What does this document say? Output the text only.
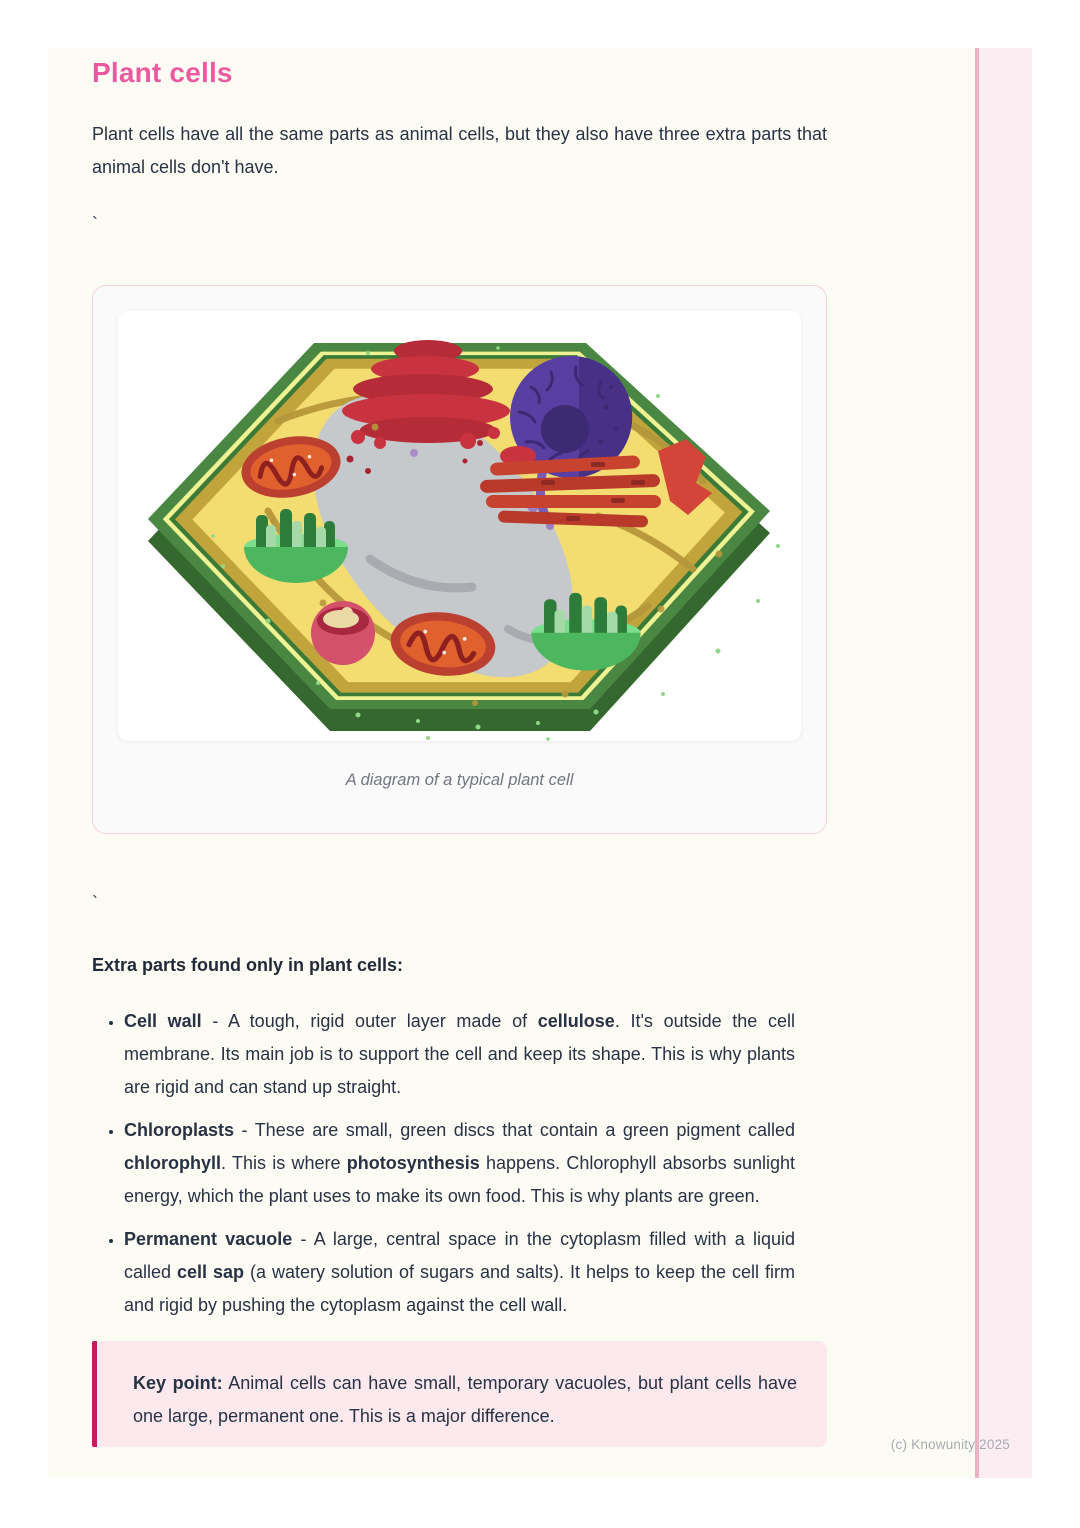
Plant cells

Plant cells have all the same parts as animal cells, but they also have three extra parts that animal cells don't have.

`
A diagram of a typical plant cell
`

Extra parts found only in plant cells:

• Cell wall - A tough, rigid outer layer made of cellulose. It's outside the cell membrane. Its main job is to support the cell and keep its shape. This is why plants are rigid and can stand up straight.
• Chloroplasts - These are small, green discs that contain a green pigment called chlorophyll. This is where photosynthesis happens. Chlorophyll absorbs sunlight energy, which the plant uses to make its own food. This is why plants are green.
• Permanent vacuole - A large, central space in the cytoplasm filled with a liquid called cell sap (a watery solution of sugars and salts). It helps to keep the cell firm and rigid by pushing the cytoplasm against the cell wall.

Key point: Animal cells can have small, temporary vacuoles, but plant cells have one large, permanent one. This is a major difference.

(c) Knowunity 2025
